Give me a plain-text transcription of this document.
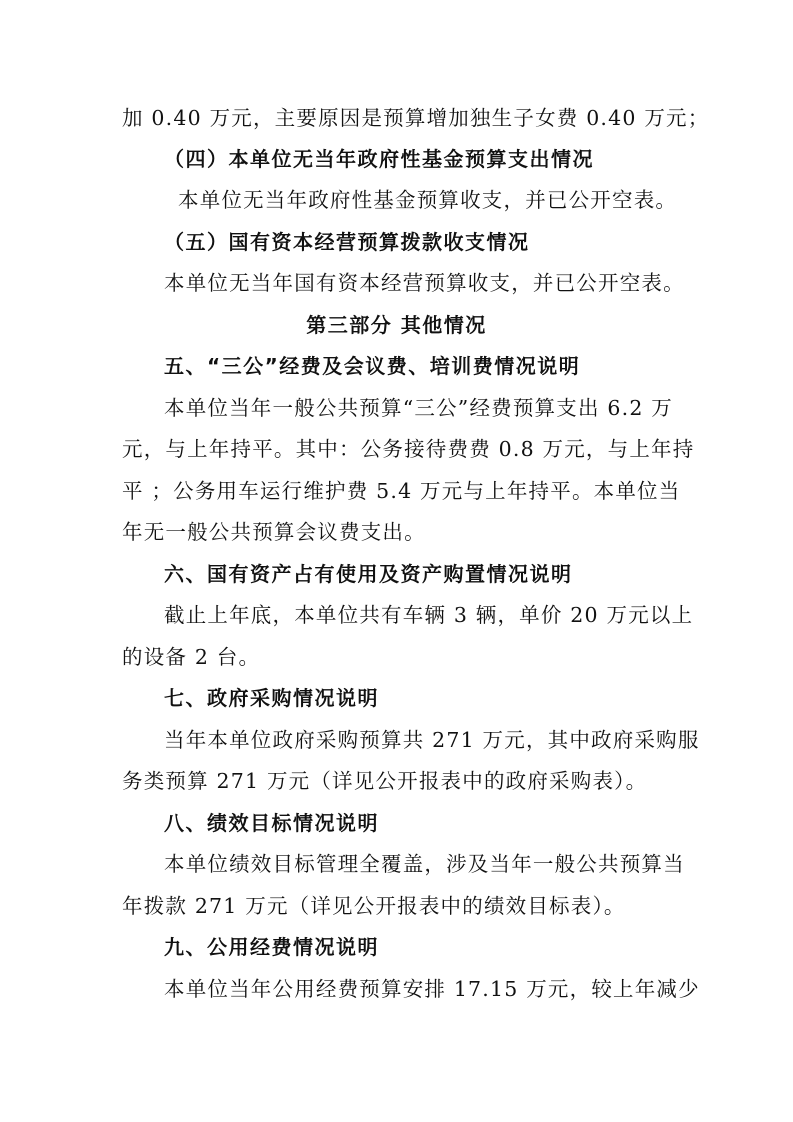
加 0.40 万元，主要原因是预算增加独生子女费 0.40 万元；
（四）本单位无当年政府性基金预算支出情况
本单位无当年政府性基金预算收支，并已公开空表。
（五）国有资本经营预算拨款收支情况
本单位无当年国有资本经营预算收支，并已公开空表。
第三部分 其他情况
五、“三公”经费及会议费、培训费情况说明
本单位当年一般公共预算“三公”经费预算支出 6.2 万
元，与上年持平。其中：公务接待费费 0.8 万元，与上年持
平 ；公务用车运行维护费 5.4 万元与上年持平。本单位当
年无一般公共预算会议费支出。
六、国有资产占有使用及资产购置情况说明
截止上年底，本单位共有车辆 3 辆，单价 20 万元以上
的设备 2 台。
七、政府采购情况说明
当年本单位政府采购预算共 271 万元，其中政府采购服
务类预算 271 万元（详见公开报表中的政府采购表）。
八、绩效目标情况说明
本单位绩效目标管理全覆盖，涉及当年一般公共预算当
年拨款 271 万元（详见公开报表中的绩效目标表）。
九、公用经费情况说明
本单位当年公用经费预算安排 17.15 万元，较上年减少
